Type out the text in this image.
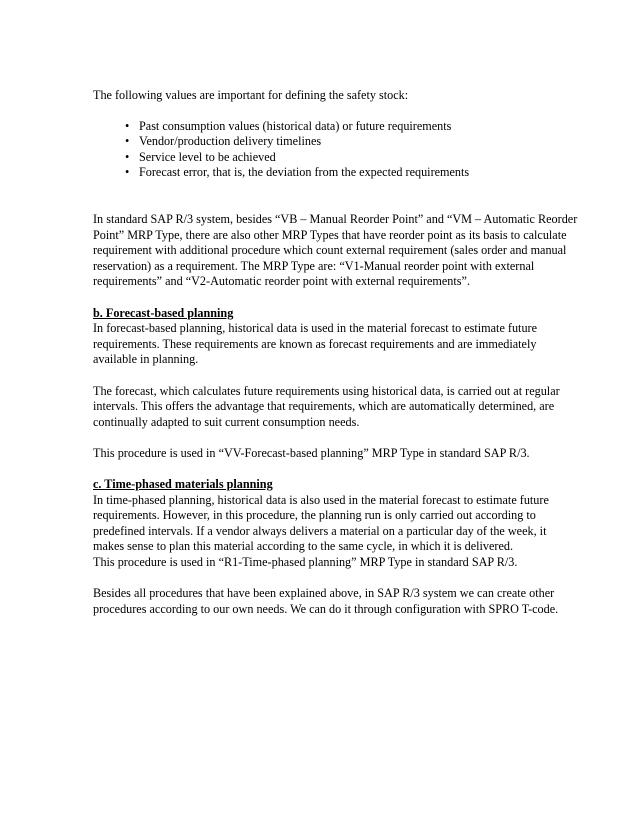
The following values are important for defining the safety stock:

• Past consumption values (historical data) or future requirements
• Vendor/production delivery timelines
• Service level to be achieved
• Forecast error, that is, the deviation from the expected requirements

In standard SAP R/3 system, besides “VB – Manual Reorder Point” and “VM – Automatic Reorder Point” MRP Type, there are also other MRP Types that have reorder point as its basis to calculate requirement with additional procedure which count external requirement (sales order and manual reservation) as a requirement. The MRP Type are: “V1-Manual reorder point with external requirements” and “V2-Automatic reorder point with external requirements”.

b. Forecast-based planning

In forecast-based planning, historical data is used in the material forecast to estimate future requirements. These requirements are known as forecast requirements and are immediately available in planning.

The forecast, which calculates future requirements using historical data, is carried out at regular intervals. This offers the advantage that requirements, which are automatically determined, are continually adapted to suit current consumption needs.

This procedure is used in “VV-Forecast-based planning” MRP Type in standard SAP R/3.

c. Time-phased materials planning

In time-phased planning, historical data is also used in the material forecast to estimate future requirements. However, in this procedure, the planning run is only carried out according to predefined intervals. If a vendor always delivers a material on a particular day of the week, it makes sense to plan this material according to the same cycle, in which it is delivered.

This procedure is used in “R1-Time-phased planning” MRP Type in standard SAP R/3.

Besides all procedures that have been explained above, in SAP R/3 system we can create other procedures according to our own needs. We can do it through configuration with SPRO T-code.
